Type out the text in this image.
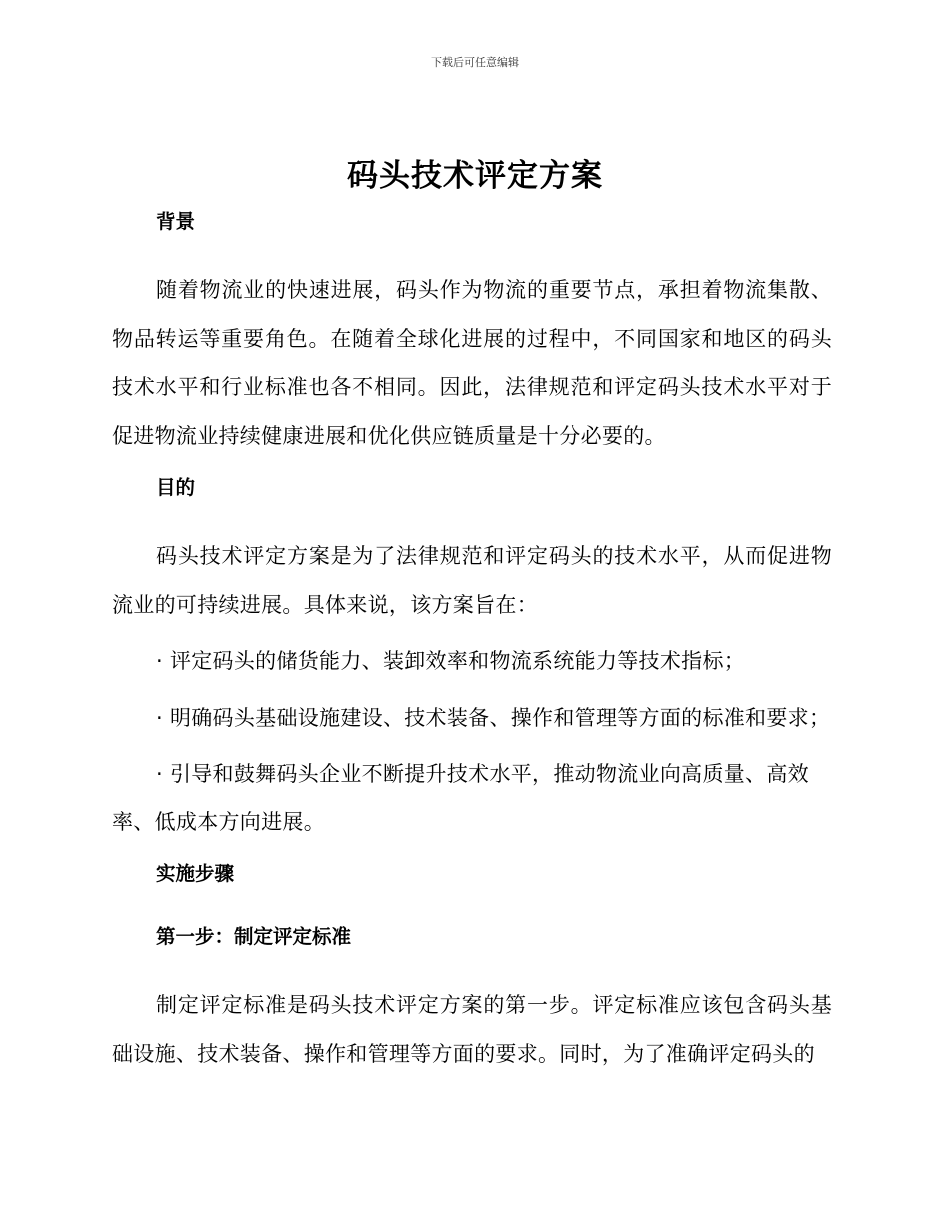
下载后可任意编辑
码头技术评定方案
背景

随着物流业的快速进展，码头作为物流的重要节点，承担着物流集散、物品转运等重要角色。在随着全球化进展的过程中，不同国家和地区的码头技术水平和行业标准也各不相同。因此，法律规范和评定码头技术水平对于促进物流业持续健康进展和优化供应链质量是十分必要的。

目的

码头技术评定方案是为了法律规范和评定码头的技术水平，从而促进物流业的可持续进展。具体来说，该方案旨在：

· 评定码头的储货能力、装卸效率和物流系统能力等技术指标；

· 明确码头基础设施建设、技术装备、操作和管理等方面的标准和要求；

· 引导和鼓舞码头企业不断提升技术水平，推动物流业向高质量、高效率、低成本方向进展。

实施步骤
第一步：制定评定标准

制定评定标准是码头技术评定方案的第一步。评定标准应该包含码头基础设施、技术装备、操作和管理等方面的要求。同时，为了准确评定码头的
